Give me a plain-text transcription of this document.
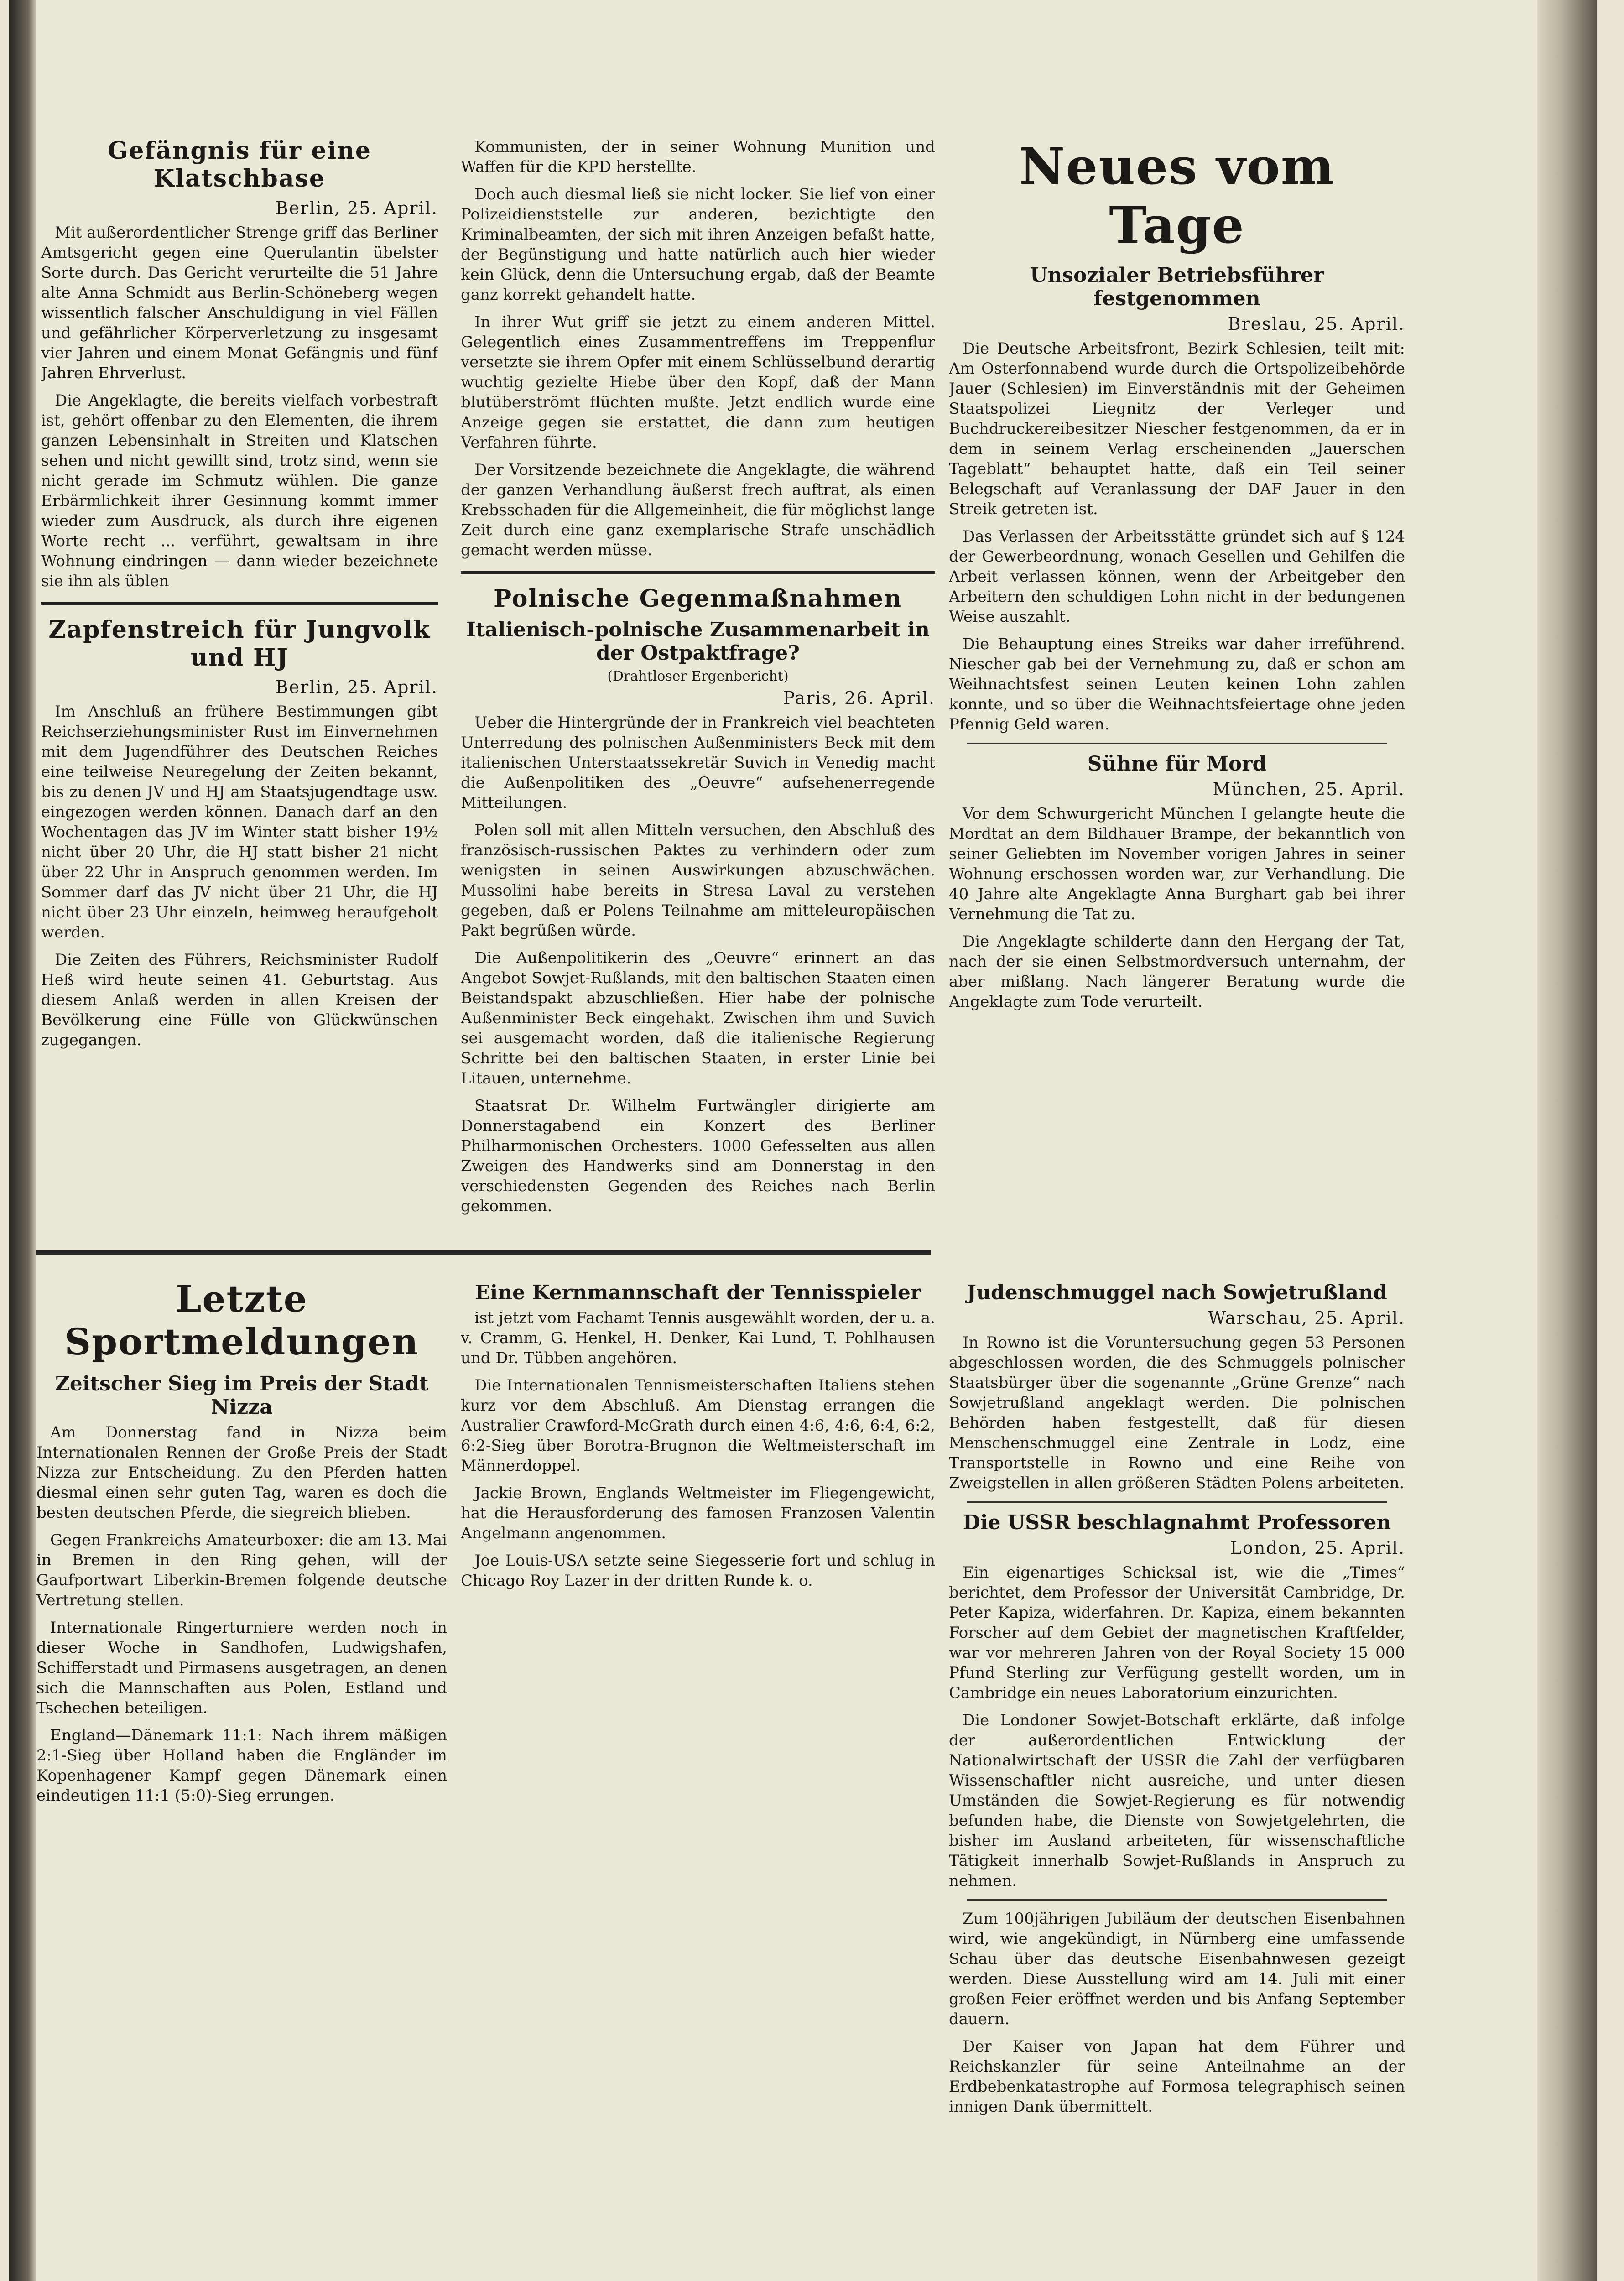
Gefängnis für eine Klatschbase
Berlin, 25. April.

Mit außerordentlicher Strenge griff das Berliner Amtsgericht gegen eine Querulantin übelster Sorte durch. Das Gericht verurteilte die 51 Jahre alte Anna Schmidt aus Berlin-Schöneberg wegen wissentlich falscher Anschuldigung in viel Fällen und gefährlicher Körperverletzung zu insgesamt vier Jahren und einem Monat Gefängnis und fünf Jahren Ehrverlust.

Die Angeklagte, die bereits vielfach vorbestraft ist, gehört offenbar zu den Elementen, die ihrem ganzen Lebensinhalt in Streiten und Klatschen sehen und nicht gewillt sind, trotz sind, wenn sie nicht gerade im Schmutz wühlen. Die ganze Erbärmlichkeit ihrer Gesinnung kommt immer wieder zum Ausdruck, als durch ihre eigenen Worte recht ... verführt, gewaltsam in ihre Wohnung eindringen — dann wieder bezeichnete sie ihn als üblen

Zapfenstreich für Jungvolk und HJ
Berlin, 25. April.

Im Anschluß an frühere Bestimmungen gibt Reichserziehungsminister Rust im Einvernehmen mit dem Jugendführer des Deutschen Reiches eine teilweise Neuregelung der Zeiten bekannt, bis zu denen JV und HJ am Staatsjugendtage usw. eingezogen werden können. Danach darf an den Wochentagen das JV im Winter statt bisher 19½ nicht über 20 Uhr, die HJ statt bisher 21 nicht über 22 Uhr in Anspruch genommen werden. Im Sommer darf das JV nicht über 21 Uhr, die HJ nicht über 23 Uhr einzeln, heimweg heraufgeholt werden.

Die Zeiten des Führers, Reichsminister Rudolf Heß wird heute seinen 41. Geburtstag. Aus diesem Anlaß werden in allen Kreisen der Bevölkerung eine Fülle von Glückwünschen zugegangen.

Kommunisten, der in seiner Wohnung Munition und Waffen für die KPD herstellte.

Doch auch diesmal ließ sie nicht locker. Sie lief von einer Polizeidienststelle zur anderen, bezichtigte den Kriminalbeamten, der sich mit ihren Anzeigen befaßt hatte, der Begünstigung und hatte natürlich auch hier wieder kein Glück, denn die Untersuchung ergab, daß der Beamte ganz korrekt gehandelt hatte.

In ihrer Wut griff sie jetzt zu einem anderen Mittel. Gelegentlich eines Zusammentreffens im Treppenflur versetzte sie ihrem Opfer mit einem Schlüsselbund derartig wuchtig gezielte Hiebe über den Kopf, daß der Mann blutüberströmt flüchten mußte. Jetzt endlich wurde eine Anzeige gegen sie erstattet, die dann zum heutigen Verfahren führte.

Der Vorsitzende bezeichnete die Angeklagte, die während der ganzen Verhandlung äußerst frech auftrat, als einen Krebsschaden für die Allgemeinheit, die für möglichst lange Zeit durch eine ganz exemplarische Strafe unschädlich gemacht werden müsse.

Polnische Gegenmaßnahmen
Italienisch-polnische Zusammenarbeit in der Ostpaktfrage?
(Drahtloser Ergenbericht)
Paris, 26. April.

Ueber die Hintergründe der in Frankreich viel beachteten Unterredung des polnischen Außenministers Beck mit dem italienischen Unterstaatssekretär Suvich in Venedig macht die Außenpolitiken des „Oeuvre“ aufsehenerregende Mitteilungen.

Polen soll mit allen Mitteln versuchen, den Abschluß des französisch-russischen Paktes zu verhindern oder zum wenigsten in seinen Auswirkungen abzuschwächen. Mussolini habe bereits in Stresa Laval zu verstehen gegeben, daß er Polens Teilnahme am mitteleuropäischen Pakt begrüßen würde.

Die Außenpolitikerin des „Oeuvre“ erinnert an das Angebot Sowjet-Rußlands, mit den baltischen Staaten einen Beistandspakt abzuschließen. Hier habe der polnische Außenminister Beck eingehakt. Zwischen ihm und Suvich sei ausgemacht worden, daß die italienische Regierung Schritte bei den baltischen Staaten, in erster Linie bei Litauen, unternehme.

Staatsrat Dr. Wilhelm Furtwängler dirigierte am Donnerstagabend ein Konzert des Berliner Philharmonischen Orchesters. 1000 Gefesselten aus allen Zweigen des Handwerks sind am Donnerstag in den verschiedensten Gegenden des Reiches nach Berlin gekommen.

Neues vom Tage
Unsozialer Betriebsführer festgenommen
Breslau, 25. April.

Die Deutsche Arbeitsfront, Bezirk Schlesien, teilt mit: Am Osterfonnabend wurde durch die Ortspolizeibehörde Jauer (Schlesien) im Einverständnis mit der Geheimen Staatspolizei Liegnitz der Verleger und Buchdruckereibesitzer Niescher festgenommen, da er in dem in seinem Verlag erscheinenden „Jauerschen Tageblatt“ behauptet hatte, daß ein Teil seiner Belegschaft auf Veranlassung der DAF Jauer in den Streik getreten ist.

Das Verlassen der Arbeitsstätte gründet sich auf § 124 der Gewerbeordnung, wonach Gesellen und Gehilfen die Arbeit verlassen können, wenn der Arbeitgeber den Arbeitern den schuldigen Lohn nicht in der bedungenen Weise auszahlt.

Die Behauptung eines Streiks war daher irreführend. Niescher gab bei der Vernehmung zu, daß er schon am Weihnachtsfest seinen Leuten keinen Lohn zahlen konnte, und so über die Weihnachtsfeiertage ohne jeden Pfennig Geld waren.

Sühne für Mord
München, 25. April.

Vor dem Schwurgericht München I gelangte heute die Mordtat an dem Bildhauer Brampe, der bekanntlich von seiner Geliebten im November vorigen Jahres in seiner Wohnung erschossen worden war, zur Verhandlung. Die 40 Jahre alte Angeklagte Anna Burghart gab bei ihrer Vernehmung die Tat zu.

Die Angeklagte schilderte dann den Hergang der Tat, nach der sie einen Selbstmordversuch unternahm, der aber mißlang. Nach längerer Beratung wurde die Angeklagte zum Tode verurteilt.

Letzte Sportmeldungen
Zeitscher Sieg im Preis der Stadt Nizza

Am Donnerstag fand in Nizza beim Internationalen Rennen der Große Preis der Stadt Nizza zur Entscheidung. Zu den Pferden hatten diesmal einen sehr guten Tag, waren es doch die besten deutschen Pferde, die siegreich blieben.

Gegen Frankreichs Amateurboxer: die am 13. Mai in Bremen in den Ring gehen, will der Gaufportwart Liberkin-Bremen folgende deutsche Vertretung stellen.

Internationale Ringerturniere werden noch in dieser Woche in Sandhofen, Ludwigshafen, Schifferstadt und Pirmasens ausgetragen, an denen sich die Mannschaften aus Polen, Estland und Tschechen beteiligen.

England—Dänemark 11:1: Nach ihrem mäßigen 2:1-Sieg über Holland haben die Engländer im Kopenhagener Kampf gegen Dänemark einen eindeutigen 11:1 (5:0)-Sieg errungen.

Eine Kernmannschaft der Tennisspieler

ist jetzt vom Fachamt Tennis ausgewählt worden, der u. a. v. Cramm, G. Henkel, H. Denker, Kai Lund, T. Pohlhausen und Dr. Tübben angehören.

Die Internationalen Tennismeisterschaften Italiens stehen kurz vor dem Abschluß. Am Dienstag errangen die Australier Crawford-McGrath durch einen 4:6, 4:6, 6:4, 6:2, 6:2-Sieg über Borotra-Brugnon die Weltmeisterschaft im Männerdoppel.

Jackie Brown, Englands Weltmeister im Fliegengewicht, hat die Herausforderung des famosen Franzosen Valentin Angelmann angenommen.

Joe Louis-USA setzte seine Siegesserie fort und schlug in Chicago Roy Lazer in der dritten Runde k. o.

Judenschmuggel nach Sowjetrußland
Warschau, 25. April.

In Rowno ist die Voruntersuchung gegen 53 Personen abgeschlossen worden, die des Schmuggels polnischer Staatsbürger über die sogenannte „Grüne Grenze“ nach Sowjetrußland angeklagt werden. Die polnischen Behörden haben festgestellt, daß für diesen Menschenschmuggel eine Zentrale in Lodz, eine Transportstelle in Rowno und eine Reihe von Zweigstellen in allen größeren Städten Polens arbeiteten.

Die USSR beschlagnahmt Professoren
London, 25. April.

Ein eigenartiges Schicksal ist, wie die „Times“ berichtet, dem Professor der Universität Cambridge, Dr. Peter Kapiza, widerfahren. Dr. Kapiza, einem bekannten Forscher auf dem Gebiet der magnetischen Kraftfelder, war vor mehreren Jahren von der Royal Society 15 000 Pfund Sterling zur Verfügung gestellt worden, um in Cambridge ein neues Laboratorium einzurichten.

Die Londoner Sowjet-Botschaft erklärte, daß infolge der außerordentlichen Entwicklung der Nationalwirtschaft der USSR die Zahl der verfügbaren Wissenschaftler nicht ausreiche, und unter diesen Umständen die Sowjet-Regierung es für notwendig befunden habe, die Dienste von Sowjetgelehrten, die bisher im Ausland arbeiteten, für wissenschaftliche Tätigkeit innerhalb Sowjet-Rußlands in Anspruch zu nehmen.

Zum 100jährigen Jubiläum der deutschen Eisenbahnen wird, wie angekündigt, in Nürnberg eine umfassende Schau über das deutsche Eisenbahnwesen gezeigt werden. Diese Ausstellung wird am 14. Juli mit einer großen Feier eröffnet werden und bis Anfang September dauern.

Der Kaiser von Japan hat dem Führer und Reichskanzler für seine Anteilnahme an der Erdbebenkatastrophe auf Formosa telegraphisch seinen innigen Dank übermittelt.
